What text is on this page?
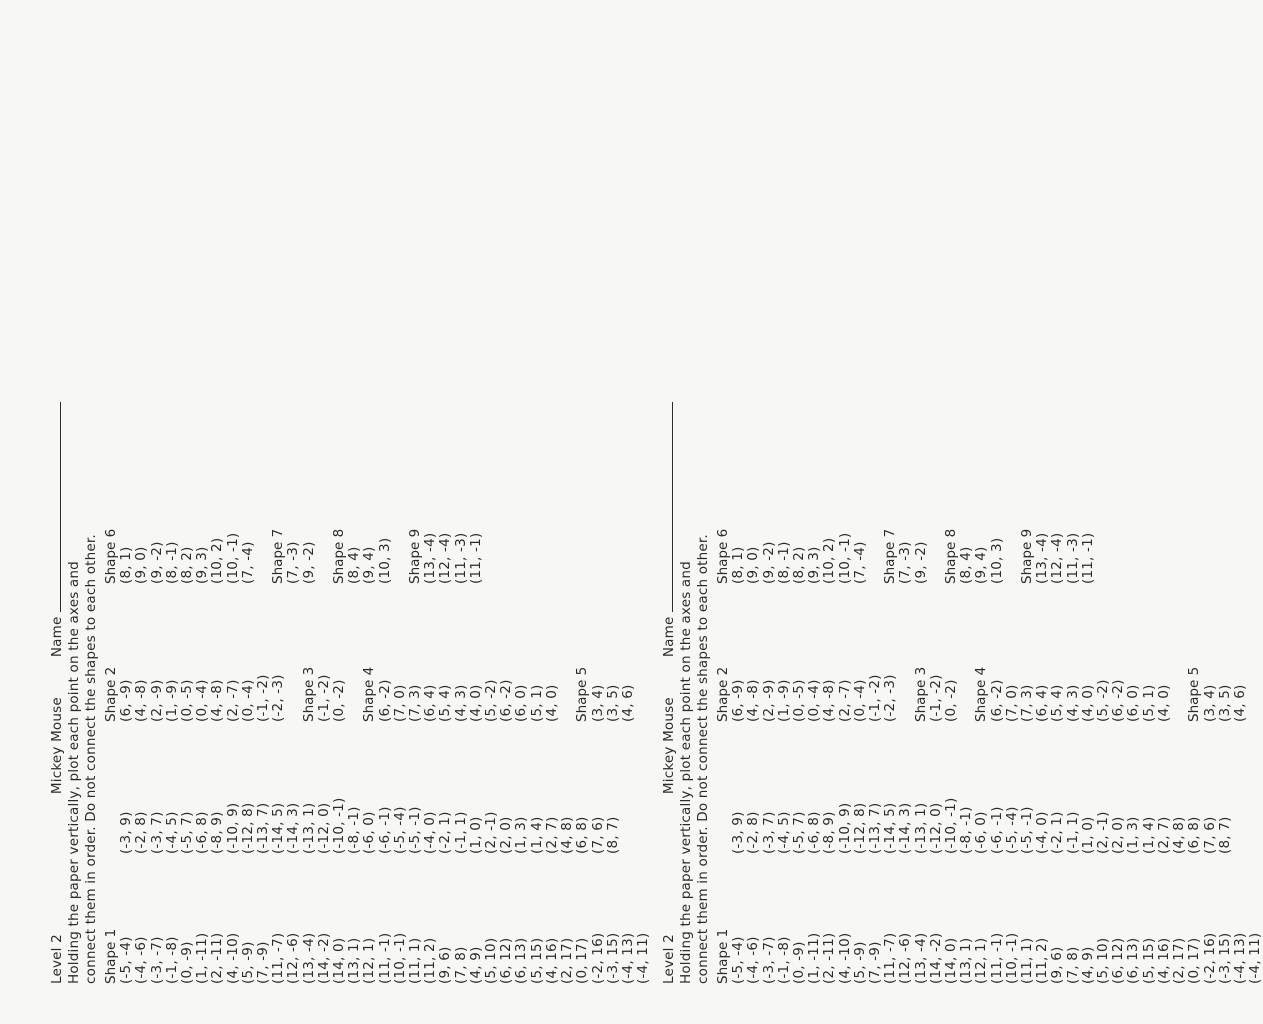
Level 2Mickey MouseName Holding the paper vertically, plot each point on the axes and connect them in order. Do not connect the shapes to each other. Shape 1 (-5, -4) (-4, -6) (-3, -7) (-1, -8) (0, -9) (1, -11) (2, -11) (4, -10) (5, -9) (7, -9) (11, -7) (12, -6) (13, -4) (14, -2) (14, 0) (13, 1) (12, 1) (11, -1) (10, -1) (11, 1) (11, 2) (9, 6) (7, 8) (4, 9) (5, 10) (6, 12) (6, 13) (5, 15) (4, 16) (2, 17) (0, 17) (-2, 16) (-3, 15) (-4, 13) (-4, 11)

(-3, 9) (-2, 8) (-3, 7) (-4, 5) (-5, 7) (-6, 8) (-8, 9) (-10, 9) (-12, 8) (-13, 7) (-14, 5) (-14, 3) (-13, 1) (-12, 0) (-10, -1) (-8, -1) (-6, 0) (-6, -1) (-5, -4) (-5, -1) (-4, 0) (-2, 1) (-1, 1) (1, 0) (2, -1) (2, 0) (1, 3) (1, 4) (2, 7) (4, 8) (6, 8) (7, 6) (8, 7)
Shape 2 (6, -9) (4, -8) (2, -9) (1, -9) (0, -5) (0, -4) (4, -8) (2, -7) (0, -4) (-1, -2) (-2, -3)
Shape 3 (-1, -2) (0, -2)
Shape 4 (6, -2) (7, 0) (7, 3) (6, 4) (5, 4) (4, 3) (4, 0) (5, -2) (6, -2) (6, 0) (5, 1) (4, 0)
Shape 5 (3, 4) (3, 5) (4, 6)
Shape 6 (8, 1) (9, 0) (9, -2) (8, -1) (8, 2) (9, 3) (10, 2) (10, -1) (7, -4)
Shape 7 (7, -3) (9, -2)
Shape 8 (8, 4) (9, 4) (10, 3)
Shape 9 (13, -4) (12, -4) (11, -3) (11, -1)
Level 2Mickey MouseName Holding the paper vertically, plot each point on the axes and connect them in order. Do not connect the shapes to each other. Shape 1 (-5, -4) (-4, -6) (-3, -7) (-1, -8) (0, -9) (1, -11) (2, -11) (4, -10) (5, -9) (7, -9) (11, -7) (12, -6) (13, -4) (14, -2) (14, 0) (13, 1) (12, 1) (11, -1) (10, -1) (11, 1) (11, 2) (9, 6) (7, 8) (4, 9) (5, 10) (6, 12) (6, 13) (5, 15) (4, 16) (2, 17) (0, 17) (-2, 16) (-3, 15) (-4, 13) (-4, 11)

(-3, 9) (-2, 8) (-3, 7) (-4, 5) (-5, 7) (-6, 8) (-8, 9) (-10, 9) (-12, 8) (-13, 7) (-14, 5) (-14, 3) (-13, 1) (-12, 0) (-10, -1) (-8, -1) (-6, 0) (-6, -1) (-5, -4) (-5, -1) (-4, 0) (-2, 1) (-1, 1) (1, 0) (2, -1) (2, 0) (1, 3) (1, 4) (2, 7) (4, 8) (6, 8) (7, 6) (8, 7)
Shape 2 (6, -9) (4, -8) (2, -9) (1, -9) (0, -5) (0, -4) (4, -8) (2, -7) (0, -4) (-1, -2) (-2, -3)
Shape 3 (-1, -2) (0, -2)
Shape 4 (6, -2) (7, 0) (7, 3) (6, 4) (5, 4) (4, 3) (4, 0) (5, -2) (6, -2) (6, 0) (5, 1) (4, 0)
Shape 5 (3, 4) (3, 5) (4, 6)
Shape 6 (8, 1) (9, 0) (9, -2) (8, -1) (8, 2) (9, 3) (10, 2) (10, -1) (7, -4)
Shape 7 (7, -3) (9, -2)
Shape 8 (8, 4) (9, 4) (10, 3)
Shape 9 (13, -4) (12, -4) (11, -3) (11, -1)
